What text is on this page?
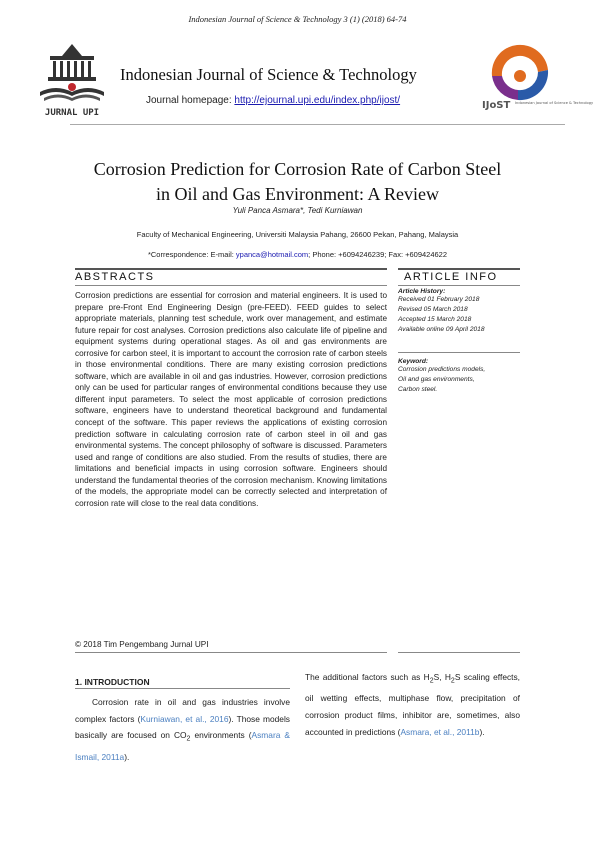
Indonesian Journal of Science & Technology 3 (1) (2018) 64-74
JURNAL UPI
Indonesian Journal of Science & Technology
Journal homepage: http://ejournal.upi.edu/index.php/ijost/	IJoST Indonesian Journal of Science & Technology
Corrosion Prediction for Corrosion Rate of Carbon Steel
in Oil and Gas Environment: A Review
Yuli Panca Asmara*, Tedi Kurniawan
Faculty of Mechanical Engineering, Universiti Malaysia Pahang, 26600 Pekan, Pahang, Malaysia
*Correspondence: E-mail: ypanca@hotmail.com; Phone: +6094246239; Fax: +609424622
ABSTRACTS
Corrosion predictions are essential for corrosion and material engineers. It is used to prepare pre-Front End Engineering Design (pre-FEED). FEED guides to select appropriate materials, planning test schedule, work over management, and estimate future repair for cost analyses. Corrosion predictions also calculate life of pipeline and equipment systems during operational stages. As oil and gas environments are corrosive for carbon steel, it is important to account the corrosion rate of carbon steels in those environmental conditions. There are many existing corrosion predictions software, which are available in oil and gas industries. However, corrosion predictions only can be used for particular ranges of environmental conditions because they use different input parameters. To select the most applicable of corrosion predictions software, engineers have to understand theoretical background and fundamental concept of the software. This paper reviews the applications of existing corrosion prediction software in calculating corrosion rate of carbon steel in oil and gas environmental systems. The concept philosophy of software is discussed. Parameters used and range of conditions are also studied. From the results of studies, there are limitations and beneficial impacts in using corrosion software. Engineers should understand the fundamental theories of the corrosion mechanism. Knowing limitations of the models, the appropriate model can be correctly selected and interpretation of corrosion rate will close to the real data conditions.
© 2018 Tim Pengembang Jurnal UPI
ARTICLE INFO
Article History:
Received 01 February 2018
Revised 05 March 2018
Accepted 15 March 2018
Available online 09 April 2018
Keyword:
Corrosion predictions models,
Oil and gas environments,
Carbon steel.
1. INTRODUCTION
Corrosion rate in oil and gas industries involve complex factors (Kurniawan, et al., 2016). Those models basically are focused on $CO_2$ environments (Asmara & Ismail, 2011a).
The additional factors such as $H_2S$, $H_2S$ scaling effects, oil wetting effects, multiphase flow, precipitation of corrosion product films, inhibitor are, sometimes, also accounted in predictions (Asmara, et al., 2011b).
